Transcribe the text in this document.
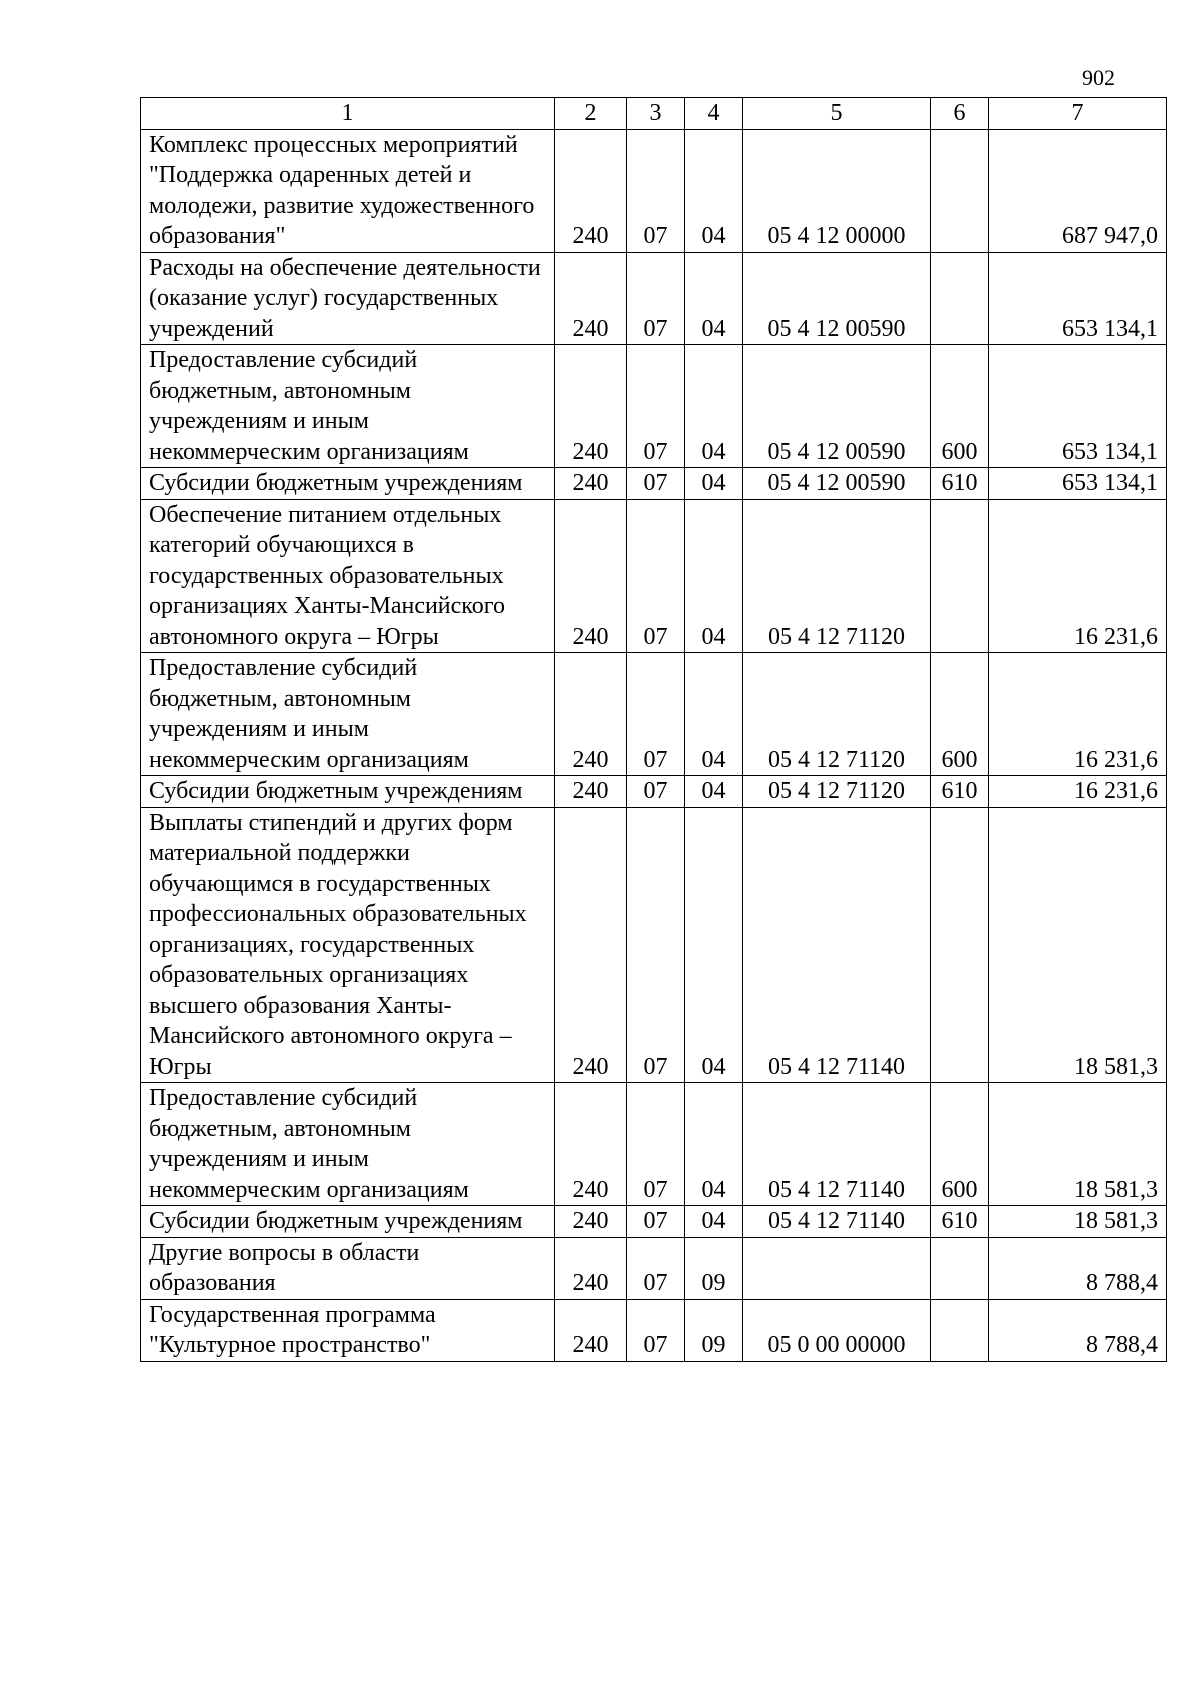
902
1	2	3	4	5	6	7
Комплекс процессных мероприятий "Поддержка одаренных детей и молодежи, развитие художественного образования"	240	07	04	05 4 12 00000		687 947,0
Расходы на обеспечение деятельности (оказание услуг) государственных учреждений	240	07	04	05 4 12 00590		653 134,1
Предоставление субсидий бюджетным, автономным учреждениям и иным некоммерческим организациям	240	07	04	05 4 12 00590	600	653 134,1
Субсидии бюджетным учреждениям	240	07	04	05 4 12 00590	610	653 134,1
Обеспечение питанием отдельных категорий обучающихся в государственных образовательных организациях Ханты-Мансийского автономного округа – Югры	240	07	04	05 4 12 71120		16 231,6
Предоставление субсидий бюджетным, автономным учреждениям и иным некоммерческим организациям	240	07	04	05 4 12 71120	600	16 231,6
Субсидии бюджетным учреждениям	240	07	04	05 4 12 71120	610	16 231,6
Выплаты стипендий и других форм материальной поддержки обучающимся в государственных профессиональных образовательных организациях, государственных образовательных организациях высшего образования Ханты-Мансийского автономного округа – Югры	240	07	04	05 4 12 71140		18 581,3
Предоставление субсидий бюджетным, автономным учреждениям и иным некоммерческим организациям	240	07	04	05 4 12 71140	600	18 581,3
Субсидии бюджетным учреждениям	240	07	04	05 4 12 71140	610	18 581,3
Другие вопросы в области образования	240	07	09			8 788,4
Государственная программа "Культурное пространство"	240	07	09	05 0 00 00000		8 788,4
